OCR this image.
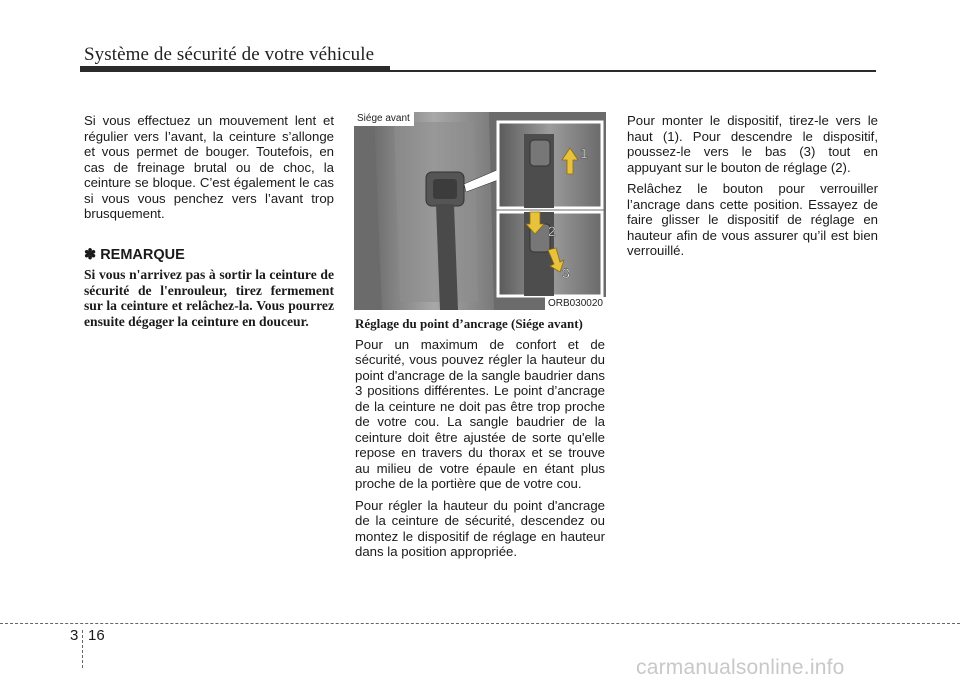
Système de sécurité de votre véhicule

Si vous effectuez un mouvement lent et régulier vers l’avant, la ceinture s’allonge et vous permet de bouger. Toutefois, en cas de freinage brutal ou de choc, la ceinture se bloque. C’est également le cas si vous vous penchez vers l’avant trop brusquement.

✽ REMARQUE
Si vous n'arrivez pas à sortir la ceinture de sécurité de l'enrouleur, tirez fermement sur la ceinture et relâchez-la. Vous pourrez ensuite dégager la ceinture en douceur.
1
2
3
Siége avant
ORB030020

Réglage du point d’ancrage (Siége avant)

Pour un maximum de confort et de sécurité, vous pouvez régler la hauteur du point d'ancrage de la sangle baudrier dans 3 positions différentes. Le point d’ancrage de la ceinture ne doit pas être trop proche de votre cou. La sangle baudrier de la ceinture doit être ajustée de sorte qu'elle repose en travers du thorax et se trouve au milieu de votre épaule en étant plus proche de la portière que de votre cou.

Pour régler la hauteur du point d'ancrage de la ceinture de sécurité, descendez ou montez le dispositif de réglage en hauteur dans la position appropriée.

Pour monter le dispositif, tirez-le vers le haut (1). Pour descendre le dispositif, poussez-le vers le bas (3) tout en appuyant sur le bouton de réglage (2).

Relâchez le bouton pour verrouiller l’ancrage dans cette position. Essayez de faire glisser le dispositif de réglage en hauteur afin de vous assurer qu’il est bien verrouillé.

3 16
carmanualsonline.info
